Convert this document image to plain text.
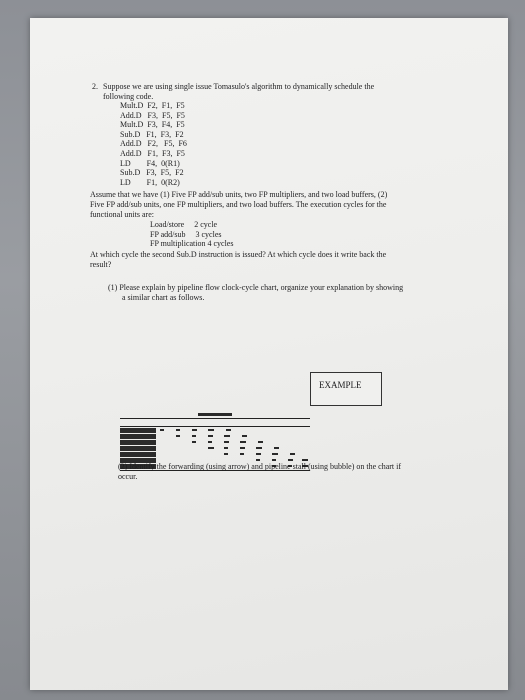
2. Suppose we are using single issue Tomasulo's algorithm to dynamically schedule the
following code.
Mult.D  F2,  F1,  F5
Add.D   F3,  F5,  F5
Mult.D  F3,  F4,  F5
Sub.D   F1,  F3,  F2
Add.D   F2,   F5,  F6
Add.D   F1,  F3,  F5
LD        F4,  0(R1)
Sub.D   F3,  F5,  F2
LD        F1,  0(R2)
Assume that we have (1) Five FP add/sub units, two FP multipliers, and two load buffers, (2)
Five FP add/sub units, one FP multipliers, and two load buffers. The execution cycles for the
functional units are:
Load/store     2 cycle
FP add/sub     3 cycles
FP multiplication 4 cycles
At which cycle the second Sub.D instruction is issued? At which cycle does it write back the
result?
(1) Please explain by pipeline flow clock-cycle chart, organize your explanation by showing
a similar chart as follows.
EXAMPLE
(2) Identify the forwarding (using arrow) and pipeline stall (using bubble) on the chart if
occur.
